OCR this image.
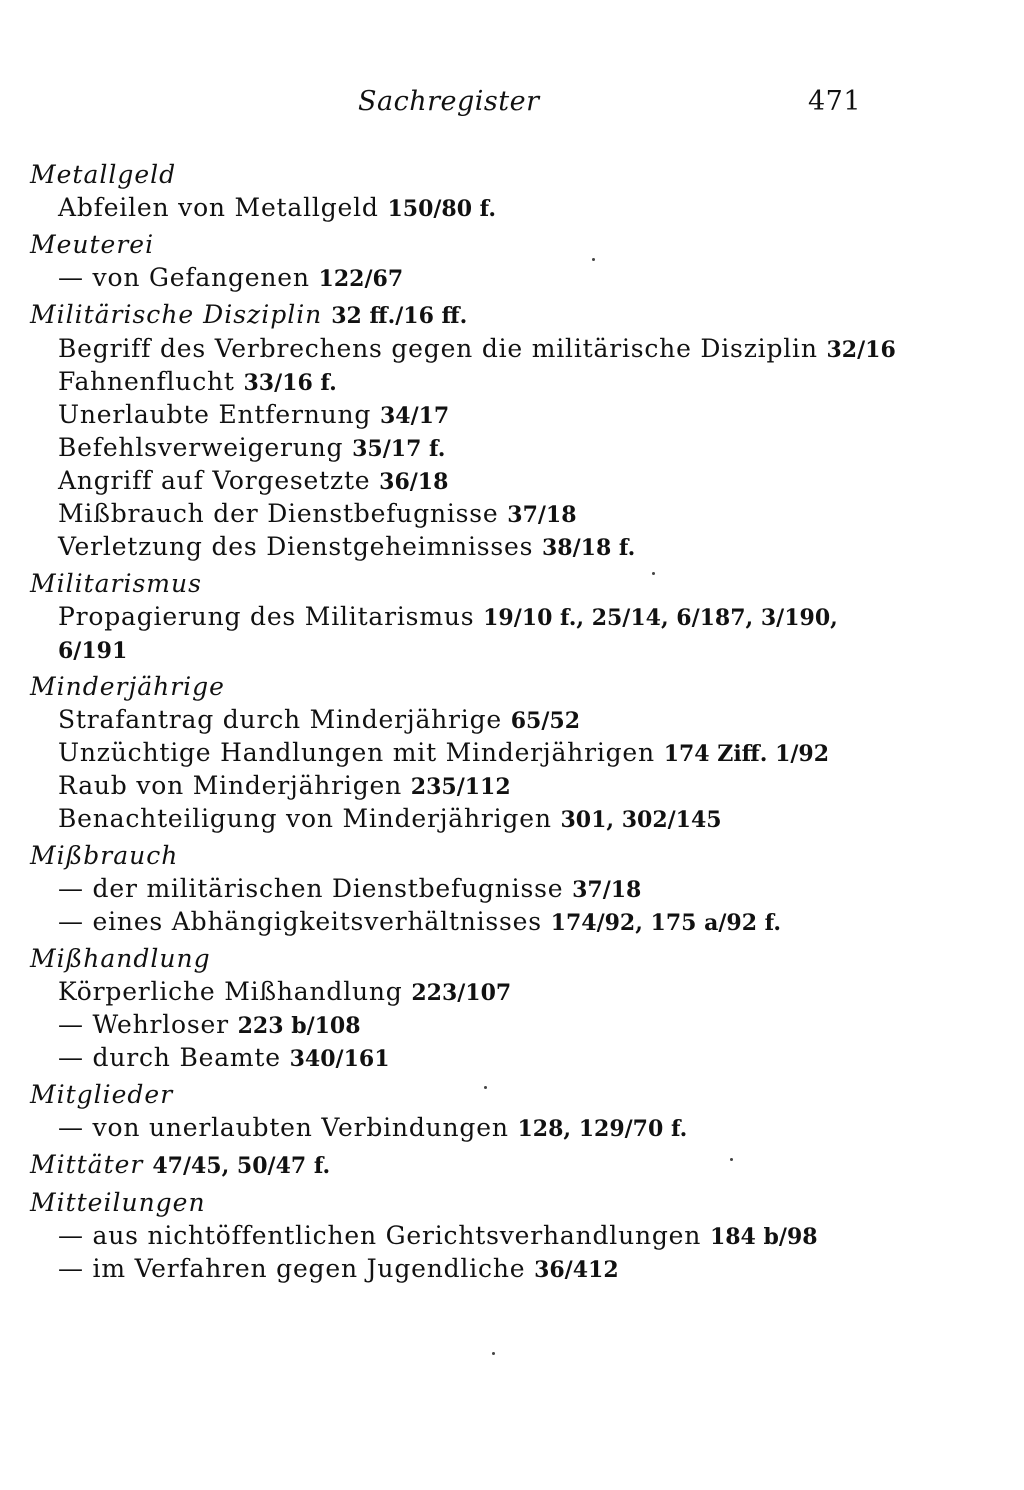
Sachregister	471
Metallgeld
Abfeilen von Metallgeld 150/80 f.
Meuterei
— von Gefangenen 122/67
Militärische Disziplin 32 ff./16 ff.
Begriff des Verbrechens gegen die militärische Disziplin 32/16
Fahnenflucht 33/16 f.
Unerlaubte Entfernung 34/17
Befehlsverweigerung 35/17 f.
Angriff auf Vorgesetzte 36/18
Mißbrauch der Dienstbefugnisse 37/18
Verletzung des Dienstgeheimnisses 38/18 f.
Militarismus
Propagierung des Militarismus 19/10 f., 25/14, 6/187, 3/190, 6/191
Minderjährige
Strafantrag durch Minderjährige 65/52
Unzüchtige Handlungen mit Minderjährigen 174 Ziff. 1/92
Raub von Minderjährigen 235/112
Benachteiligung von Minderjährigen 301, 302/145
Mißbrauch
— der militärischen Dienstbefugnisse 37/18
— eines Abhängigkeitsverhältnisses 174/92, 175 a/92 f.
Mißhandlung
Körperliche Mißhandlung 223/107
— Wehrloser 223 b/108
— durch Beamte 340/161
Mitglieder
— von unerlaubten Verbindungen 128, 129/70 f.
Mittäter 47/45, 50/47 f.
Mitteilungen
— aus nichtöffentlichen Gerichtsverhandlungen 184 b/98
— im Verfahren gegen Jugendliche 36/412
